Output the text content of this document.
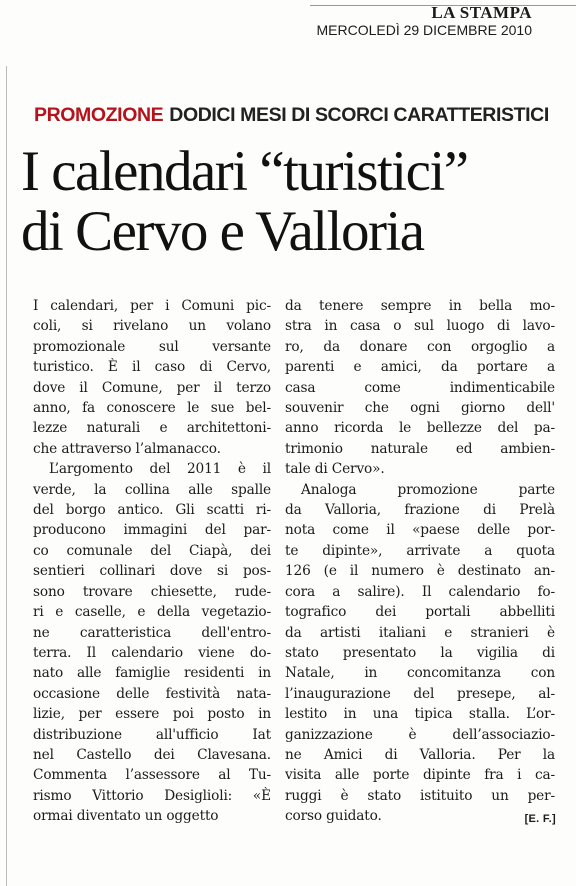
LA STAMPA
MERCOLEDÌ 29 DICEMBRE 2010
PROMOZIONE DODICI MESI DI SCORCI CARATTERISTICI
I calendari “turistici”
di Cervo e Valloria
I calendari, per i Comuni pic-
coli, si rivelano un volano
promozionale sul versante
turistico. È il caso di Cervo,
dove il Comune, per il terzo
anno, fa conoscere le sue bel-
lezze naturali e architettoni-
che attraverso l’almanacco.
L’argomento del 2011 è il
verde, la collina alle spalle
del borgo antico. Gli scatti ri-
producono immagini del par-
co comunale del Ciapà, dei
sentieri collinari dove si pos-
sono trovare chiesette, rude-
ri e caselle, e della vegetazio-
ne caratteristica dell'entro-
terra. Il calendario viene do-
nato alle famiglie residenti in
occasione delle festività nata-
lizie, per essere poi posto in
distribuzione all'ufficio Iat
nel Castello dei Clavesana.
Commenta l’assessore al Tu-
rismo Vittorio Desiglioli: «È
ormai diventato un oggetto
da tenere sempre in bella mo-
stra in casa o sul luogo di lavo-
ro, da donare con orgoglio a
parenti e amici, da portare a
casa come indimenticabile
souvenir che ogni giorno dell'
anno ricorda le bellezze del pa-
trimonio naturale ed ambien-
tale di Cervo».
Analoga promozione parte
da Valloria, frazione di Prelà
nota come il «paese delle por-
te dipinte», arrivate a quota
126 (e il numero è destinato an-
cora a salire). Il calendario fo-
tografico dei portali abbelliti
da artisti italiani e stranieri è
stato presentato la vigilia di
Natale, in concomitanza con
l’inaugurazione del presepe, al-
lestito in una tipica stalla. L’or-
ganizzazione è dell’associazio-
ne Amici di Valloria. Per la
visita alle porte dipinte fra i ca-
ruggi è stato istituito un per-
corso guidato.	[E. F.]
